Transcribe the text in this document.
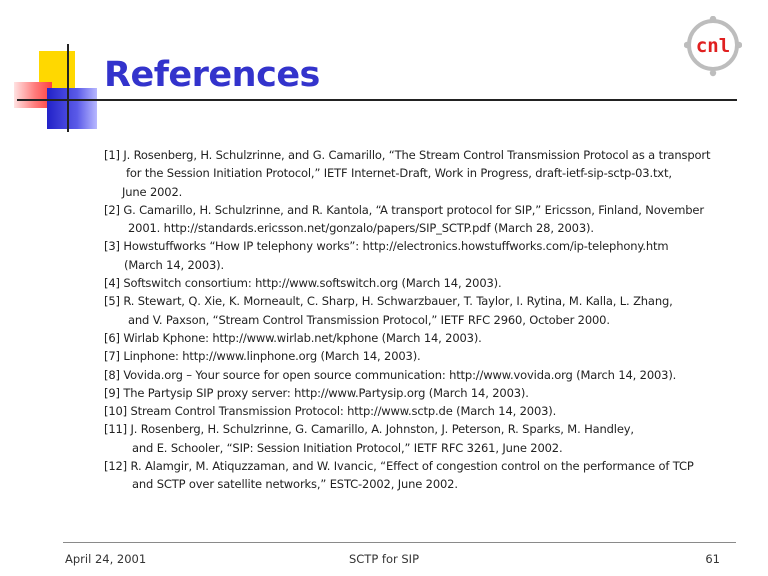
References
cnl
[1] J. Rosenberg, H. Schulzrinne, and G. Camarillo, “The Stream Control Transmission Protocol as a transport
for the Session Initiation Protocol,” IETF Internet-Draft, Work in Progress, draft-ietf-sip-sctp-03.txt,
June 2002.
[2] G. Camarillo, H. Schulzrinne, and R. Kantola, “A transport protocol for SIP,” Ericsson, Finland, November
2001. http://standards.ericsson.net/gonzalo/papers/SIP_SCTP.pdf (March 28, 2003).
[3] Howstuffworks “How IP telephony works”: http://electronics.howstuffworks.com/ip-telephony.htm
(March 14, 2003).
[4] Softswitch consortium: http://www.softswitch.org (March 14, 2003).
[5] R. Stewart, Q. Xie, K. Morneault, C. Sharp, H. Schwarzbauer, T. Taylor, I. Rytina, M. Kalla, L. Zhang,
and V. Paxson, “Stream Control Transmission Protocol,” IETF RFC 2960, October 2000.
[6] Wirlab Kphone: http://www.wirlab.net/kphone (March 14, 2003).
[7] Linphone: http://www.linphone.org (March 14, 2003).
[8] Vovida.org – Your source for open source communication: http://www.vovida.org (March 14, 2003).
[9] The Partysip SIP proxy server: http://www.Partysip.org (March 14, 2003).
[10] Stream Control Transmission Protocol: http://www.sctp.de (March 14, 2003).
[11] J. Rosenberg, H. Schulzrinne, G. Camarillo, A. Johnston, J. Peterson, R. Sparks, M. Handley,
and E. Schooler, “SIP: Session Initiation Protocol,” IETF RFC 3261, June 2002.
[12] R. Alamgir, M. Atiquzzaman, and W. Ivancic, “Effect of congestion control on the performance of TCP
and SCTP over satellite networks,” ESTC-2002, June 2002.
April 24, 2001	SCTP for SIP	61
